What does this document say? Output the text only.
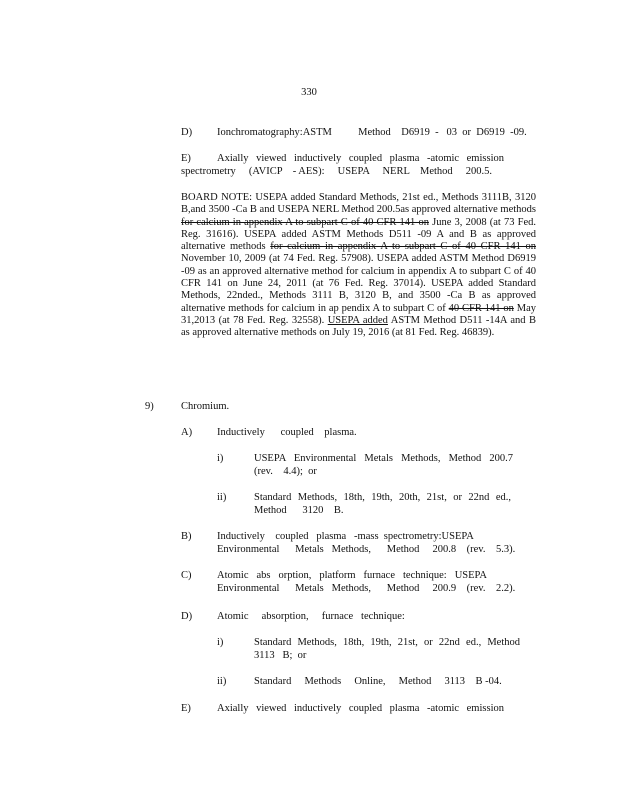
330
D) Ionchromatography:ASTM          Method    D6919  -   03  or  D6919  -09.
E) Axially viewed inductively coupled plasma -atomic emission
spectrometry     (AVICP    - AES):     USEPA     NERL    Method     200.5.
BOARD NOTE: USEPA added Standard Methods, 21st ed., Methods 3111B, 3120 B,and 3500 -Ca B and USEPA NERL Method 200.5as approved alternative methods for calcium in appendix A to subpart C of 40 CFR 141 on June 3, 2008 (at 73 Fed. Reg. 31616). USEPA added ASTM Methods D511 -09 A and B as approved alternative methods for calcium in appendix A to subpart C of 40 CFR 141 on November 10, 2009 (at 74 Fed. Reg. 57908). USEPA added ASTM Method D6919 -09 as an approved alternative method for calcium in appendix A to subpart C of 40 CFR 141 on June 24, 2011 (at 76 Fed. Reg. 37014). USEPA added Standard Methods, 22nded., Methods 3111 B, 3120 B, and 3500 -Ca B as approved alternative methods for calcium in ap pendix A to subpart C of 40 CFR 141 on May 31,2013 (at 78 Fed. Reg. 32558). USEPA added ASTM Method D511 -14A and B as approved alternative methods on July 19, 2016 (at 81 Fed. Reg. 46839).
9)	Chromium.
A) Inductively      coupled    plasma.
i)	USEPA Environmental Metals Methods, Method 200.7
(rev.    4.4);  or
ii)	Standard Methods, 18th, 19th, 20th, 21st, or 22nd ed.,
Method      3120    B.
B) Inductively    coupled   plasma   -mass  spectrometry:USEPA
Environmental      Metals   Methods,      Method     200.8    (rev.    5.3).
C) Atomic abs orption, platform furnace technique: USEPA
Environmental      Metals   Methods,      Method     200.9    (rev.    2.2).
D) Atomic     absorption,     furnace   technique:
i)	Standard Methods, 18th, 19th, 21st, or 22nd ed., Method
3113   B;  or
ii)	Standard     Methods     Online,     Method     3113    B -04.
E) Axially viewed inductively coupled plasma -atomic emission
